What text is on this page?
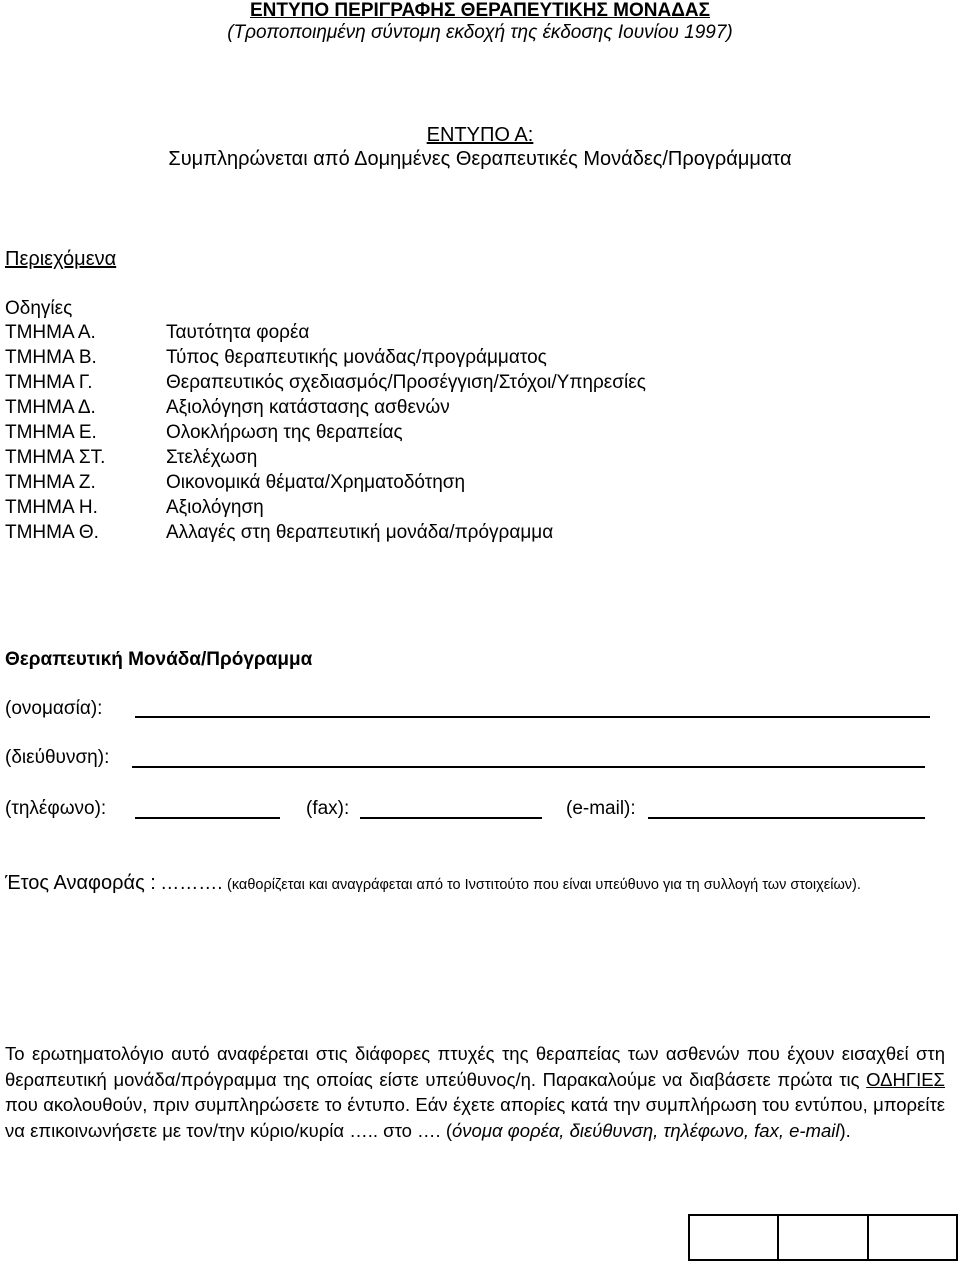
ΕΝΤΥΠΟ ΠΕΡΙΓΡΑΦΗΣ ΘΕΡΑΠΕΥΤΙΚΗΣ ΜΟΝΑΔΑΣ
(Τροποποιημένη σύντομη εκδοχή της έκδοσης Ιουνίου 1997)
ΕΝΤΥΠΟ Α:
Συμπληρώνεται από Δομημένες Θεραπευτικές Μονάδες/Προγράμματα
Περιεχόμενα
Οδηγίες
ΤΜΗΜΑ Α.	Ταυτότητα φορέα
ΤΜΗΜΑ Β.	Τύπος θεραπευτικής μονάδας/προγράμματος
ΤΜΗΜΑ Γ.	Θεραπευτικός σχεδιασμός/Προσέγγιση/Στόχοι/Υπηρεσίες
ΤΜΗΜΑ Δ.	Αξιολόγηση κατάστασης ασθενών
ΤΜΗΜΑ Ε.	Ολοκλήρωση της θεραπείας
ΤΜΗΜΑ ΣΤ.	Στελέχωση
ΤΜΗΜΑ Ζ.	Οικονομικά θέματα/Χρηματοδότηση
ΤΜΗΜΑ Η.	Αξιολόγηση
ΤΜΗΜΑ Θ.	Αλλαγές στη θεραπευτική μονάδα/πρόγραμμα
Θεραπευτική Μονάδα/Πρόγραμμα
(ονομασία):
(διεύθυνση):
(τηλέφωνο):	(fax):	(e-mail):
Έτος Αναφοράς : ………. (καθορίζεται και αναγράφεται από το Ινστιτούτο που είναι υπεύθυνο για τη συλλογή των στοιχείων).
Το ερωτηματολόγιο αυτό αναφέρεται στις διάφορες πτυχές της θεραπείας των ασθενών που έχουν εισαχθεί στη θεραπευτική μονάδα/πρόγραμμα της οποίας είστε υπεύθυνος/η. Παρακαλούμε να διαβάσετε πρώτα τις ΟΔΗΓΙΕΣ που ακολουθούν, πριν συμπληρώσετε το έντυπο. Εάν έχετε απορίες κατά την συμπλήρωση του εντύπου, μπορείτε να επικοινωνήσετε με τον/την κύριο/κυρία ….. στο …. (όνομα φορέα, διεύθυνση, τηλέφωνο, fax, e-mail).
